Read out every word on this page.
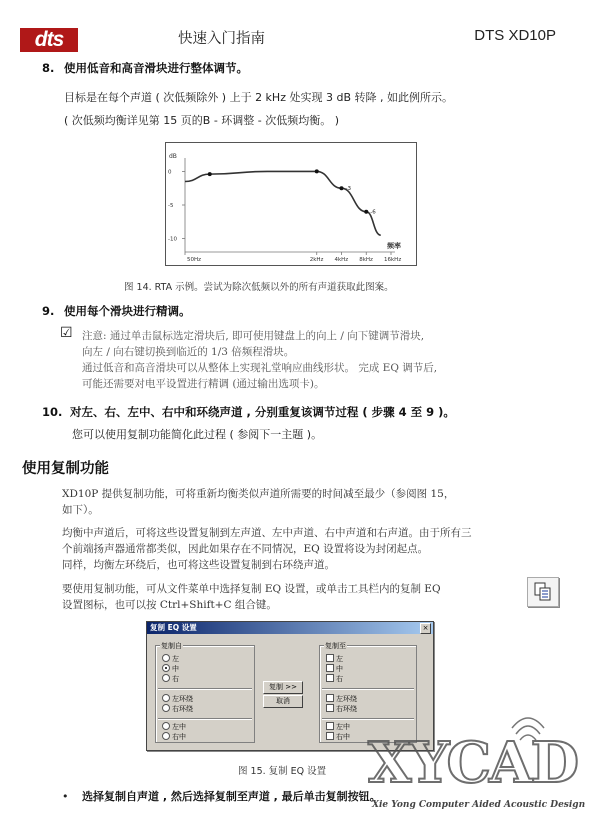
dts	快速入门指南	DTS XD10P
8. 使用低音和高音滑块进行整体调节。
目标是在每个声道 ( 次低频除外 ) 上于 2 kHz 处实现 3 dB 转降 , 如此例所示。
( 次低频均衡详见第 15 页的B - 环调整 - 次低频均衡。 )
dB
频率
50Hz	2kHz 4kHz 8kHz 16kHz
0
-5
-10
-3
-6
图 14. RTA 示例。尝试为除次低频以外的所有声道获取此图案。
9. 使用每个滑块进行精调。
☑ 注意: 通过单击鼠标选定滑块后, 即可使用键盘上的向上 / 向下键调节滑块,
向左 / 向右键切换到临近的 1/3 倍频程滑块。
通过低音和高音滑块可以从整体上实现礼堂响应曲线形状。 完成 EQ 调节后,
可能还需要对电平设置进行精调 (通过输出选项卡)。
10. 对左、右、左中、右中和环绕声道 , 分别重复该调节过程 ( 步骤 4 至 9 )。
您可以使用复制功能简化此过程 ( 参阅下一主题 )。
使用复制功能
XD10P 提供复制功能，可将重新均衡类似声道所需要的时间减至最少（参阅图 15，
如下）。
均衡中声道后，可将这些设置复制到左声道、左中声道、右中声道和右声道。由于所有三
个前端扬声器通常都类似，因此如果存在不同情况，EQ 设置将设为封闭起点。
同样，均衡左环绕后，也可将这些设置复制到右环绕声道。
要使用复制功能，可从文件菜单中选择复制 EQ 设置，或单击工具栏内的复制 EQ
设置图标，也可以按 Ctrl+Shift+C 组合键。
复制 EQ 设置	×
复制自
左
中
右
左环绕
右环绕
左中
右中
复制 >>
取消
复制至
左
中
右
左环绕
右环绕
左中
右中
图 15. 复制 EQ 设置
• 选择复制自声道 , 然后选择复制至声道 , 最后单击复制按钮。
XYCAD
Xie Yong Computer Aided Acoustic Design
